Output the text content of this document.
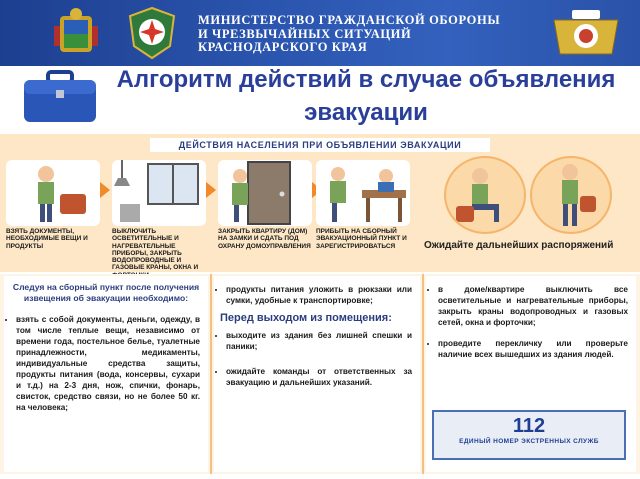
МИНИСТЕРСТВО ГРАЖДАНСКОЙ ОБОРОНЫ
И ЧРЕЗВЫЧАЙНЫХ СИТУАЦИЙ
КРАСНОДАРСКОГО КРАЯ
Алгоритм действий в случае объявления
эвакуации
ДЕЙСТВИЯ НАСЕЛЕНИЯ ПРИ ОБЪЯВЛЕНИИ ЭВАКУАЦИИ
ВЗЯТЬ ДОКУМЕНТЫ, НЕОБХОДИМЫЕ ВЕЩИ И ПРОДУКТЫ
ВЫКЛЮЧИТЬ ОСВЕТИТЕЛЬНЫЕ И НАГРЕВАТЕЛЬНЫЕ ПРИБОРЫ, ЗАКРЫТЬ ВОДОПРОВОДНЫЕ И ГАЗОВЫЕ КРАНЫ, ОКНА И
ЗАКРЫТЬ КВАРТИРУ (ДОМ) НА ЗАМКИ И СДАТЬ ПОД ОХРАНУ ДОМОУПРАВЛЕНИЯ
ПРИБЫТЬ НА СБОРНЫЙ ЭВАКУАЦИОННЫЙ ПУНКТ И ЗАРЕГИСТРИРОВАТЬСЯ	Ожидайте дальнейших распоряжений
Следуя на сборный пункт после получения извещения об эвакуации необходимо:
• взять с собой документы, деньги, одежду, в том числе теплые вещи, независимо от времени года, постельное белье, туалетные принадлежности, медикаменты, индивидуальные средства защиты, продукты питания (вода, консервы, сухари и т.д.) на 2-3 дня, нож, спички, фонарь, свисток, средство связи, но не более 50 кг. на человека;
• продукты питания уложить в рюкзаки или сумки, удобные к транспортировке;
Перед выходом из помещения:
• выходите из здания без лишней спешки и паники;
• ожидайте команды от ответственных за эвакуацию и дальнейших указаний.
• в доме/квартире выключить все осветительные и нагревательные приборы, закрыть краны водопроводных и газовых сетей, окна и форточки;
• проведите перекличку или проверьте наличие всех вышедших из здания людей.
112
ЕДИНЫЙ НОМЕР ЭКСТРЕННЫХ СЛУЖБ
